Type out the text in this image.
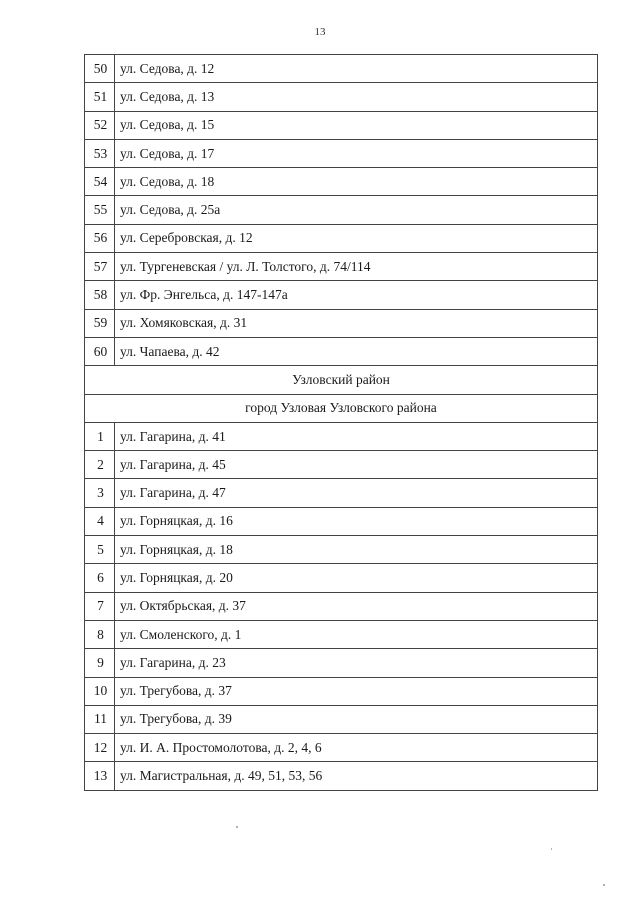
13
50	ул. Седова, д. 12
51	ул. Седова, д. 13
52	ул. Седова, д. 15
53	ул. Седова, д. 17
54	ул. Седова, д. 18
55	ул. Седова, д. 25а
56	ул. Серебровская, д. 12
57	ул. Тургеневская / ул. Л. Толстого, д. 74/114
58	ул. Фр. Энгельса, д. 147-147а
59	ул. Хомяковская, д. 31
60	ул. Чапаева, д. 42
Узловский район	
город Узловая Узловского района	
1	ул. Гагарина, д. 41
2	ул. Гагарина, д. 45
3	ул. Гагарина, д. 47
4	ул. Горняцкая, д. 16
5	ул. Горняцкая, д. 18
6	ул. Горняцкая, д. 20
7	ул. Октябрьская, д. 37
8	ул. Смоленского, д. 1
9	ул. Гагарина, д. 23
10	ул. Трегубова, д. 37
11	ул. Трегубова, д. 39
12	ул. И. А. Простомолотова, д. 2, 4, 6
13	ул. Магистральная, д. 49, 51, 53, 56
